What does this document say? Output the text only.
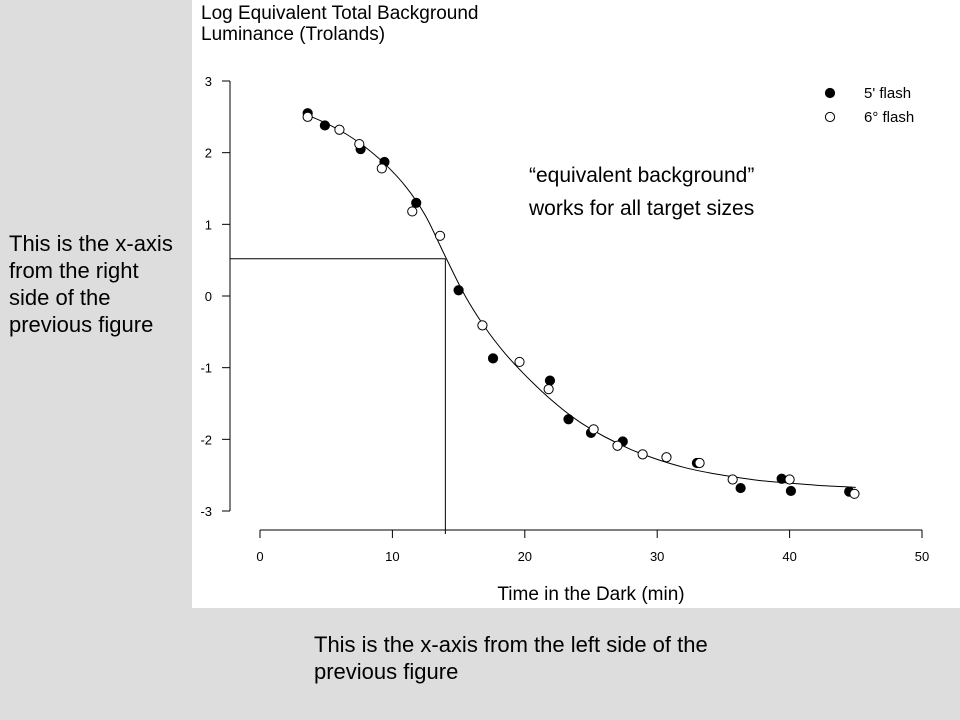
Log Equivalent Total Background
Luminance (Trolands)
3
2
1
0
-1
-2
-3
0	10	20	30	40	50
5' flash
6° flash
“equivalent background”
works for all target sizes
Time in the Dark (min)

This is the x-axis from the right side of the previous figure

This is the x-axis from the left side of the previous figure
